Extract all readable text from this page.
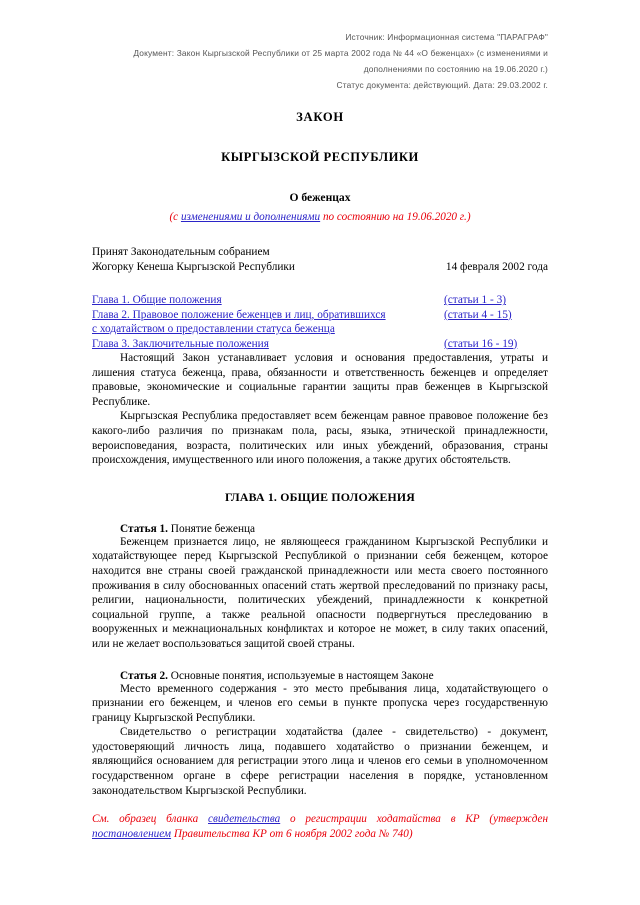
Источник: Информационная система "ПАРАГРАФ"
Документ: Закон Кыргызской Республики от 25 марта 2002 года № 44 «О беженцах» (с изменениями и дополнениями по состоянию на 19.06.2020 г.)
Статус документа: действующий. Дата: 29.03.2002 г.
ЗАКОН
КЫРГЫЗСКОЙ РЕСПУБЛИКИ
О беженцах
(с изменениями и дополнениями по состоянию на 19.06.2020 г.)
Принят Законодательным собранием
Жогорку Кенеша Кыргызской Республики	14 февраля 2002 года
Глава 1. Общие положения	(статьи 1 - 3)
Глава 2. Правовое положение беженцев и лиц, обратившихся	(статьи 4 - 15)
с ходатайством о предоставлении статуса беженца
Глава 3. Заключительные положения	(статьи 16 - 19)

Настоящий Закон устанавливает условия и основания предоставления, утраты и лишения статуса беженца, права, обязанности и ответственность беженцев и определяет правовые, экономические и социальные гарантии защиты прав беженцев в Кыргызской Республике.

Кыргызская Республика предоставляет всем беженцам равное правовое положение без какого-либо различия по признакам пола, расы, языка, этнической принадлежности, вероисповедания, возраста, политических или иных убеждений, образования, страны происхождения, имущественного или иного положения, а также других обстоятельств.

ГЛАВА 1. ОБЩИЕ ПОЛОЖЕНИЯ
Статья 1. Понятие беженца

Беженцем признается лицо, не являющееся гражданином Кыргызской Республики и ходатайствующее перед Кыргызской Республикой о признании себя беженцем, которое находится вне страны своей гражданской принадлежности или места своего постоянного проживания в силу обоснованных опасений стать жертвой преследований по признаку расы, религии, национальности, политических убеждений, принадлежности к конкретной социальной группе, а также реальной опасности подвергнуться преследованию в вооруженных и межнациональных конфликтах и которое не может, в силу таких опасений, или не желает воспользоваться защитой своей страны.

Статья 2. Основные понятия, используемые в настоящем Законе

Место временного содержания - это место пребывания лица, ходатайствующего о признании его беженцем, и членов его семьи в пункте пропуска через государственную границу Кыргызской Республики.

Свидетельство о регистрации ходатайства (далее - свидетельство) - документ, удостоверяющий личность лица, подавшего ходатайство о признании беженцем, и являющийся основанием для регистрации этого лица и членов его семьи в уполномоченном государственном органе в сфере регистрации населения в порядке, установленном законодательством Кыргызской Республики.

См. образец бланка свидетельства о регистрации ходатайства в КР (утвержден постановлением Правительства КР от 6 ноября 2002 года № 740)
